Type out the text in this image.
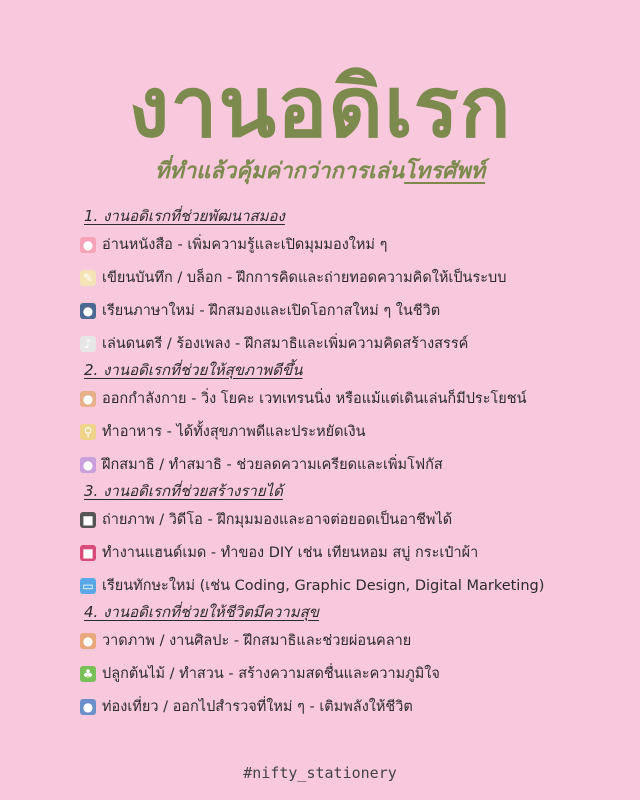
งานอดิเรก
ที่ทำแล้วคุ้มค่ากว่าการเล่นโทรศัพท์
1. งานอดิเรกที่ช่วยพัฒนาสมอง
● อ่านหนังสือ - เพิ่มความรู้และเปิดมุมมองใหม่ ๆ
✎ เขียนบันทึก / บล็อก - ฝึกการคิดและถ่ายทอดความคิดให้เป็นระบบ
● เรียนภาษาใหม่ - ฝึกสมองและเปิดโอกาสใหม่ ๆ ในชีวิต
♪ เล่นดนตรี / ร้องเพลง - ฝึกสมาธิและเพิ่มความคิดสร้างสรรค์
2. งานอดิเรกที่ช่วยให้สุขภาพดีขึ้น
● ออกกำลังกาย - วิ่ง โยคะ เวทเทรนนิ่ง หรือแม้แต่เดินเล่นก็มีประโยชน์
⚲ ทำอาหาร - ได้ทั้งสุขภาพดีและประหยัดเงิน
● ฝึกสมาธิ / ทำสมาธิ - ช่วยลดความเครียดและเพิ่มโฟกัส
3. งานอดิเรกที่ช่วยสร้างรายได้
■ ถ่ายภาพ / วิดีโอ - ฝึกมุมมองและอาจต่อยอดเป็นอาชีพได้
■ ทำงานแฮนด์เมด - ทำของ DIY เช่น เทียนหอม สบู่ กระเป๋าผ้า
▭ เรียนทักษะใหม่ (เช่น Coding, Graphic Design, Digital Marketing)
4. งานอดิเรกที่ช่วยให้ชีวิตมีความสุข
● วาดภาพ / งานศิลปะ - ฝึกสมาธิและช่วยผ่อนคลาย
♣ ปลูกต้นไม้ / ทำสวน - สร้างความสดชื่นและความภูมิใจ
● ท่องเที่ยว / ออกไปสำรวจที่ใหม่ ๆ - เติมพลังให้ชีวิต
#nifty_stationery
